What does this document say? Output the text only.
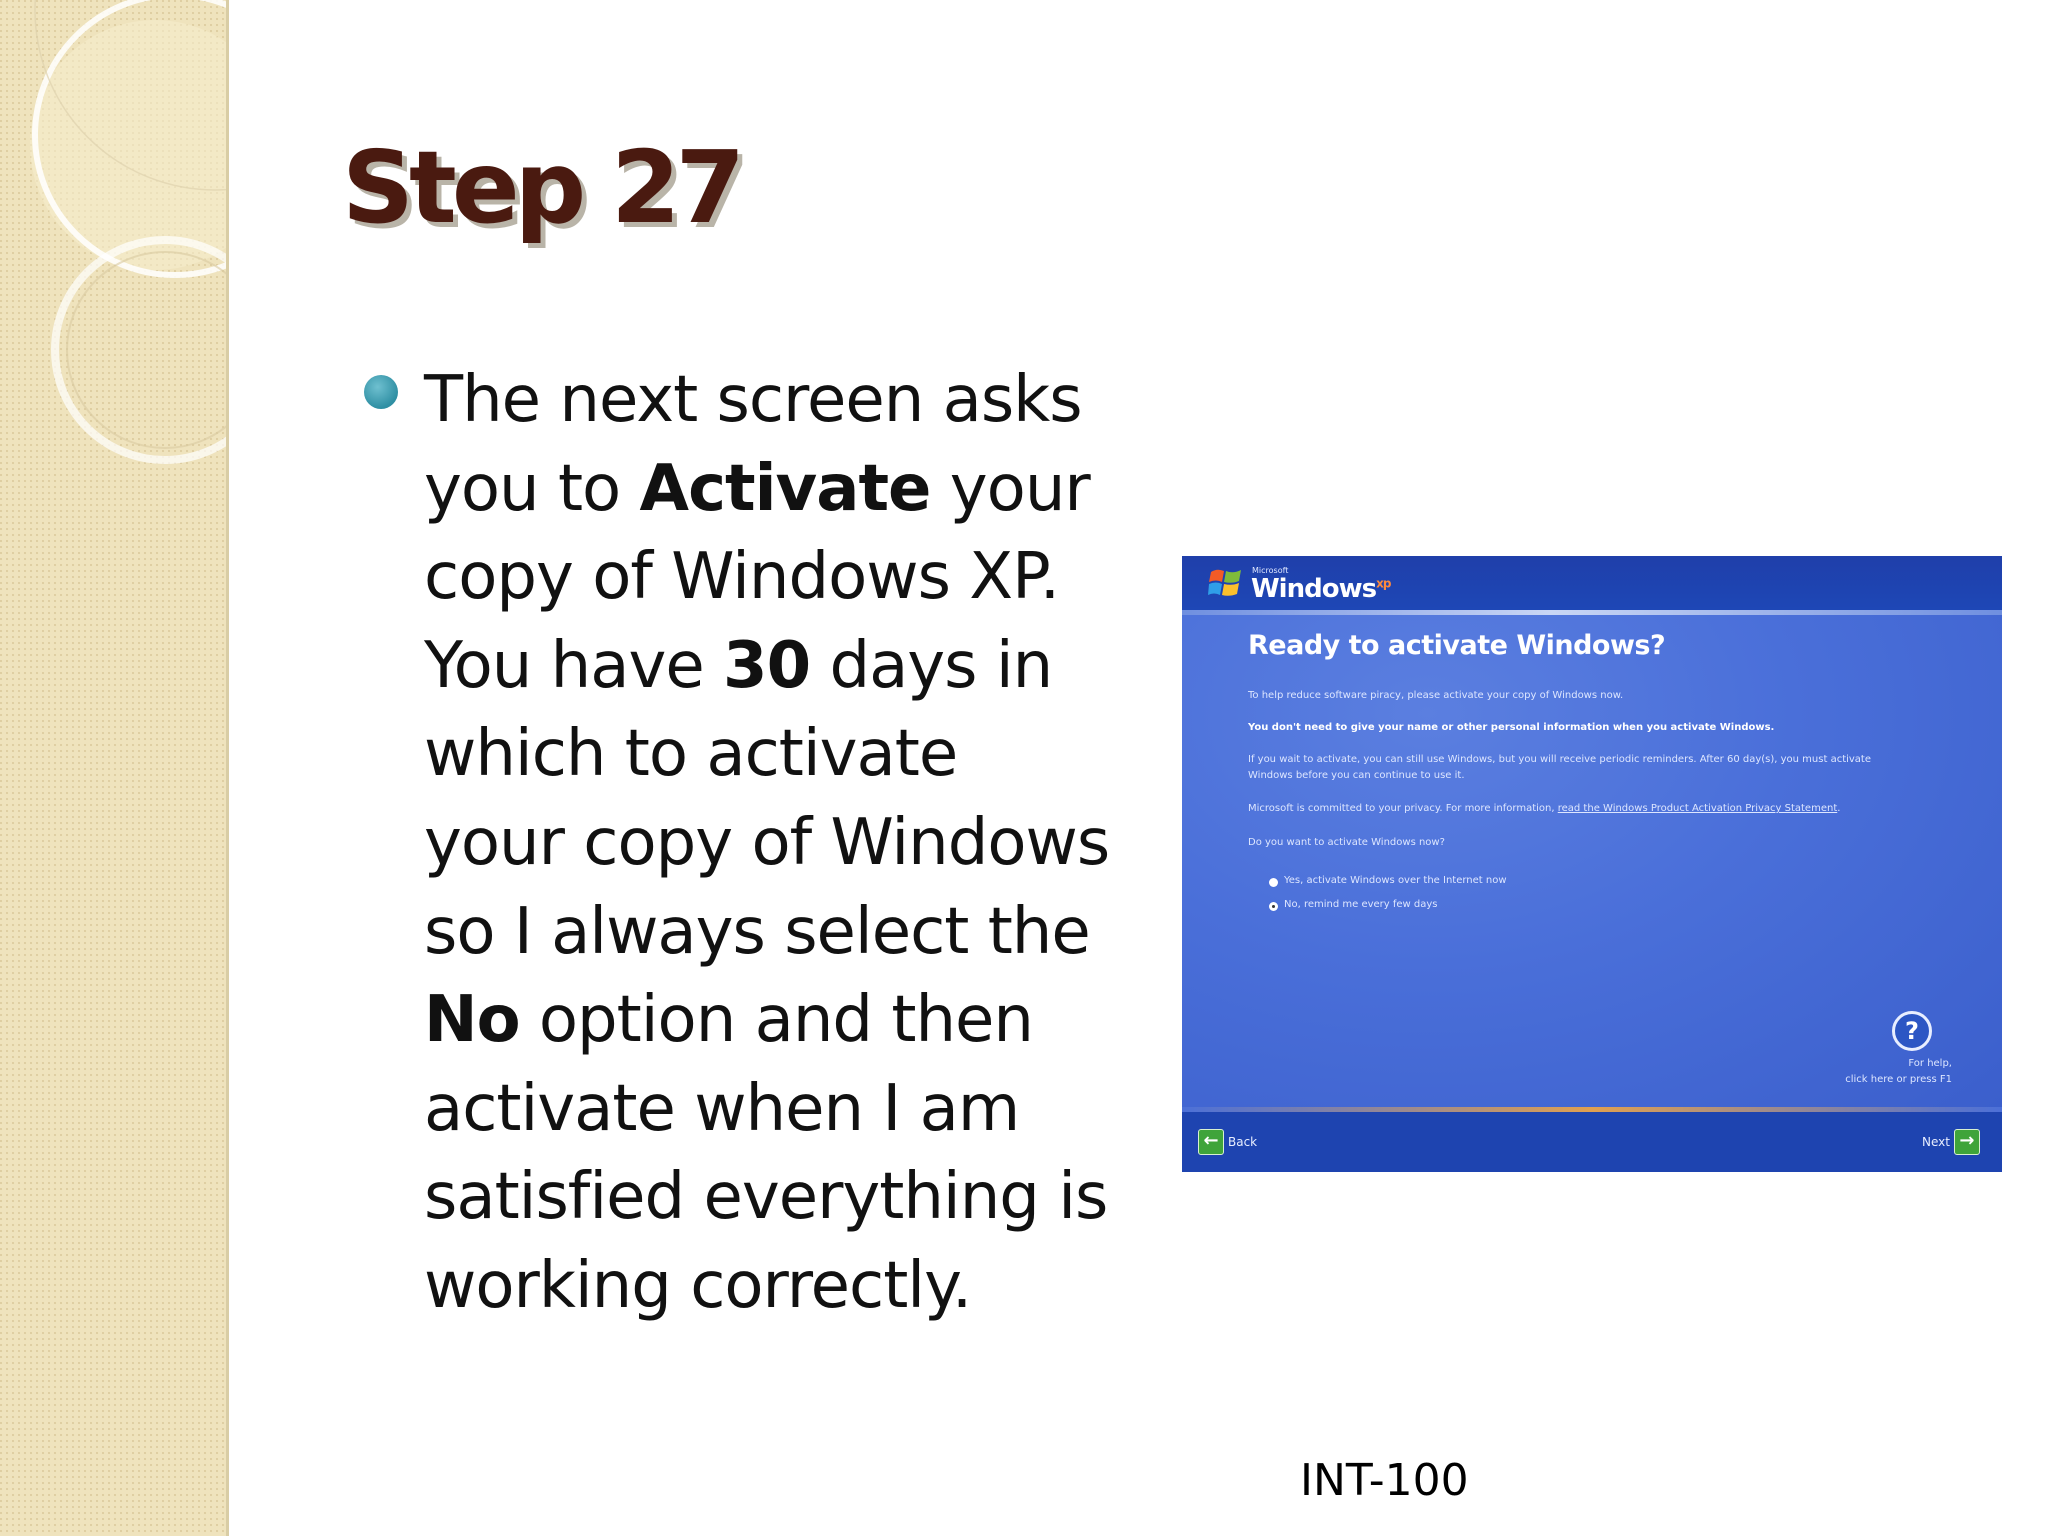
Step 27
The next screen asks you to Activate your copy of Windows XP. You have 30 days in which to activate your copy of Windows so I always select the No option and then activate when I am satisfied everything is working correctly.
Microsoft
Windows$^{xp}$
Ready to activate Windows?
To help reduce software piracy, please activate your copy of Windows now.
You don't need to give your name or other personal information when you activate Windows.
If you wait to activate, you can still use Windows, but you will receive periodic reminders. After 60 day(s), you must activate
Windows before you can continue to use it.
Microsoft is committed to your privacy. For more information, read the Windows Product Activation Privacy Statement.
Do you want to activate Windows now?
Yes, activate Windows over the Internet now
No, remind me every few days
?
For help,
click here or press F1
← Back	Next →
INT-100
